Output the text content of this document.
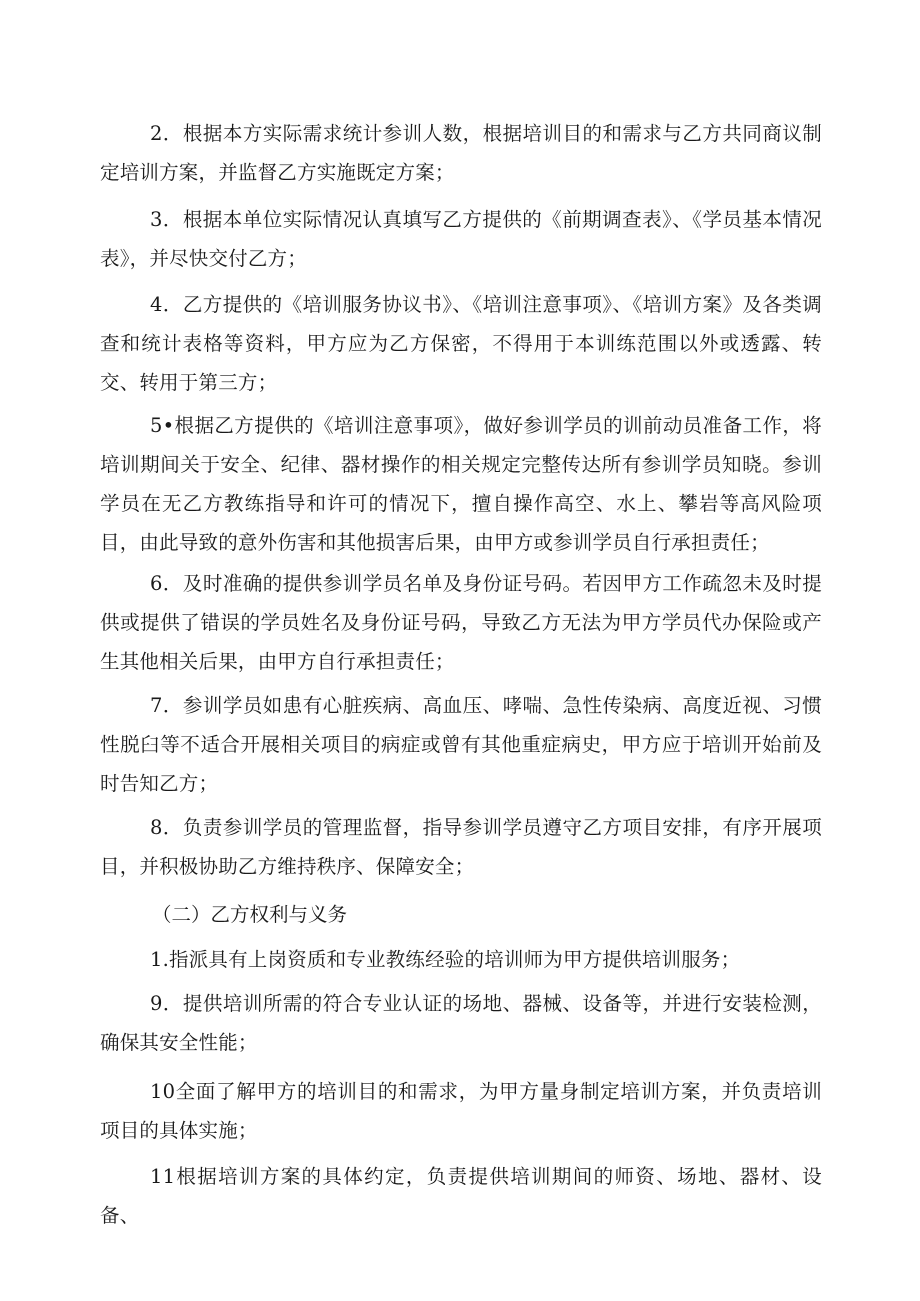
2．根据本方实际需求统计参训人数，根据培训目的和需求与乙方共同商议制定培训方案，并监督乙方实施既定方案；

3．根据本单位实际情况认真填写乙方提供的《前期调查表》、《学员基本情况表》，并尽快交付乙方；

4．乙方提供的《培训服务协议书》、《培训注意事项》、《培训方案》及各类调查和统计表格等资料，甲方应为乙方保密，不得用于本训练范围以外或透露、转交、转用于第三方；

5•根据乙方提供的《培训注意事项》，做好参训学员的训前动员准备工作，将培训期间关于安全、纪律、器材操作的相关规定完整传达所有参训学员知晓。参训学员在无乙方教练指导和许可的情况下，擅自操作高空、水上、攀岩等高风险项目，由此导致的意外伤害和其他损害后果，由甲方或参训学员自行承担责任；

6．及时准确的提供参训学员名单及身份证号码。若因甲方工作疏忽未及时提供或提供了错误的学员姓名及身份证号码，导致乙方无法为甲方学员代办保险或产生其他相关后果，由甲方自行承担责任；

7．参训学员如患有心脏疾病、高血压、哮喘、急性传染病、高度近视、习惯性脱臼等不适合开展相关项目的病症或曾有其他重症病史，甲方应于培训开始前及时告知乙方；

8．负责参训学员的管理监督，指导参训学员遵守乙方项目安排，有序开展项目，并积极协助乙方维持秩序、保障安全；

（二）乙方权利与义务

1.指派具有上岗资质和专业教练经验的培训师为甲方提供培训服务；

9．提供培训所需的符合专业认证的场地、器械、设备等，并进行安装检测，确保其安全性能；

10全面了解甲方的培训目的和需求，为甲方量身制定培训方案，并负责培训项目的具体实施；

11根据培训方案的具体约定，负责提供培训期间的师资、场地、器材、设备、
